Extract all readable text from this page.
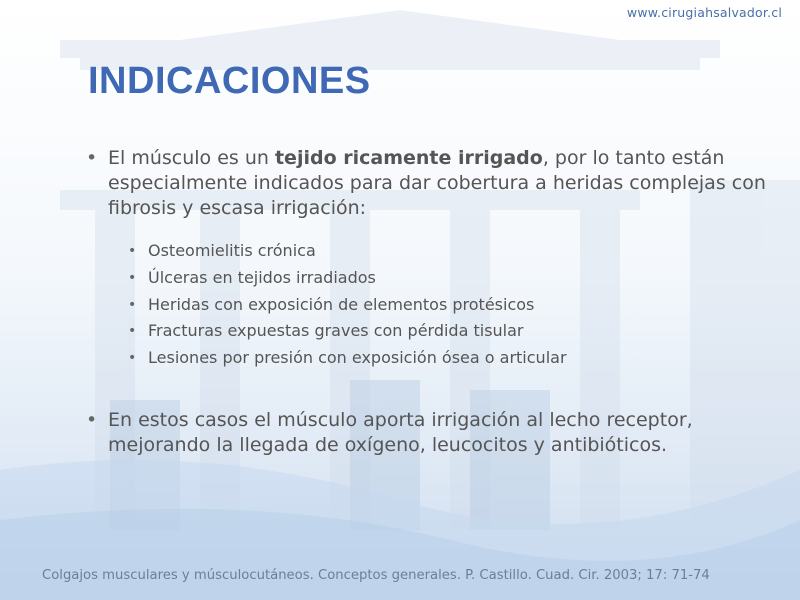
www.cirugiahsalvador.cl
INDICACIONES
• El músculo es un tejido ricamente irrigado, por lo tanto están especialmente indicados para dar cobertura a heridas complejas con fibrosis y escasa irrigación:
• Osteomielitis crónica
• Úlceras en tejidos irradiados
• Heridas con exposición de elementos protésicos
• Fracturas expuestas graves con pérdida tisular
• Lesiones por presión con exposición ósea o articular
• En estos casos el músculo aporta irrigación al lecho receptor, mejorando la llegada de oxígeno, leucocitos y antibióticos.
Colgajos musculares y músculocutáneos. Conceptos generales. P. Castillo. Cuad. Cir. 2003; 17: 71-74
